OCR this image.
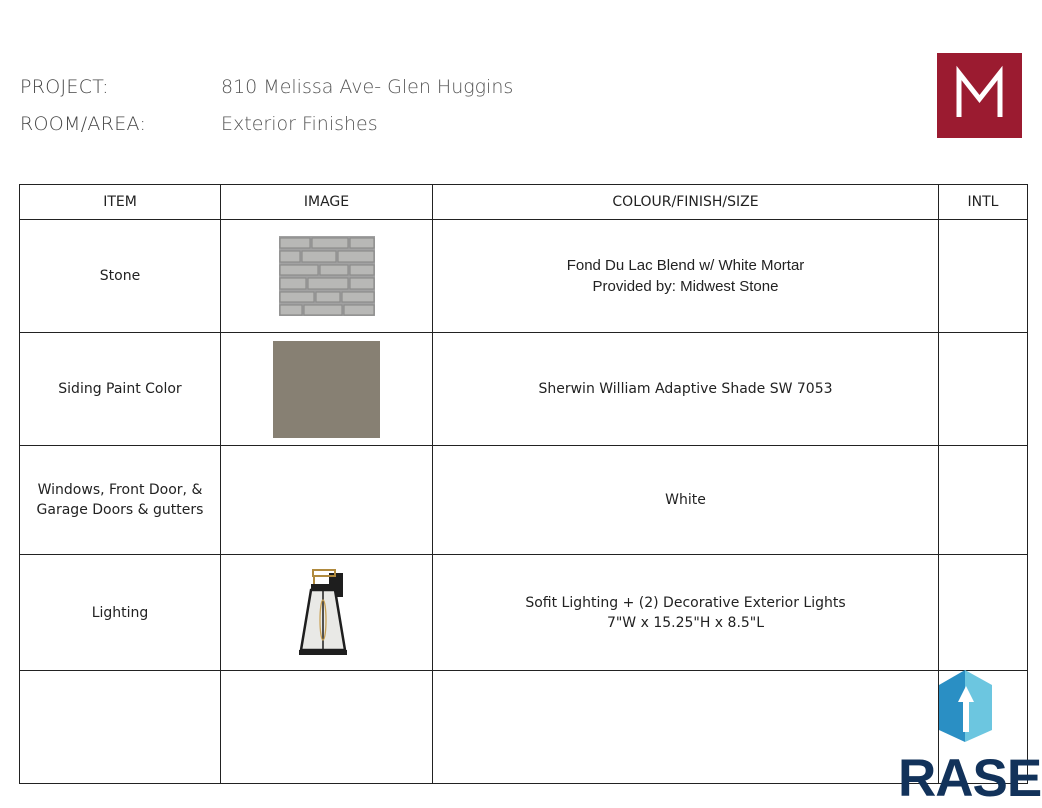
PROJECT:	810 Melissa Ave- Glen Huggins
ROOM/AREA:	Exterior Finishes
ITEM	IMAGE	COLOUR/FINISH/SIZE	INTL
Stone		Fond Du Lac Blend w/ White Mortar
Provided by: Midwest Stone	

Siding Paint Color		Sherwin William Adaptive Shade SW 7053	

Windows, Front Door, &
Garage Doors & gutters		White	
Lighting		Sofit Lighting + (2) Decorative Exterior Lights
7"W x 15.25"H x 8.5"L	

RASE
